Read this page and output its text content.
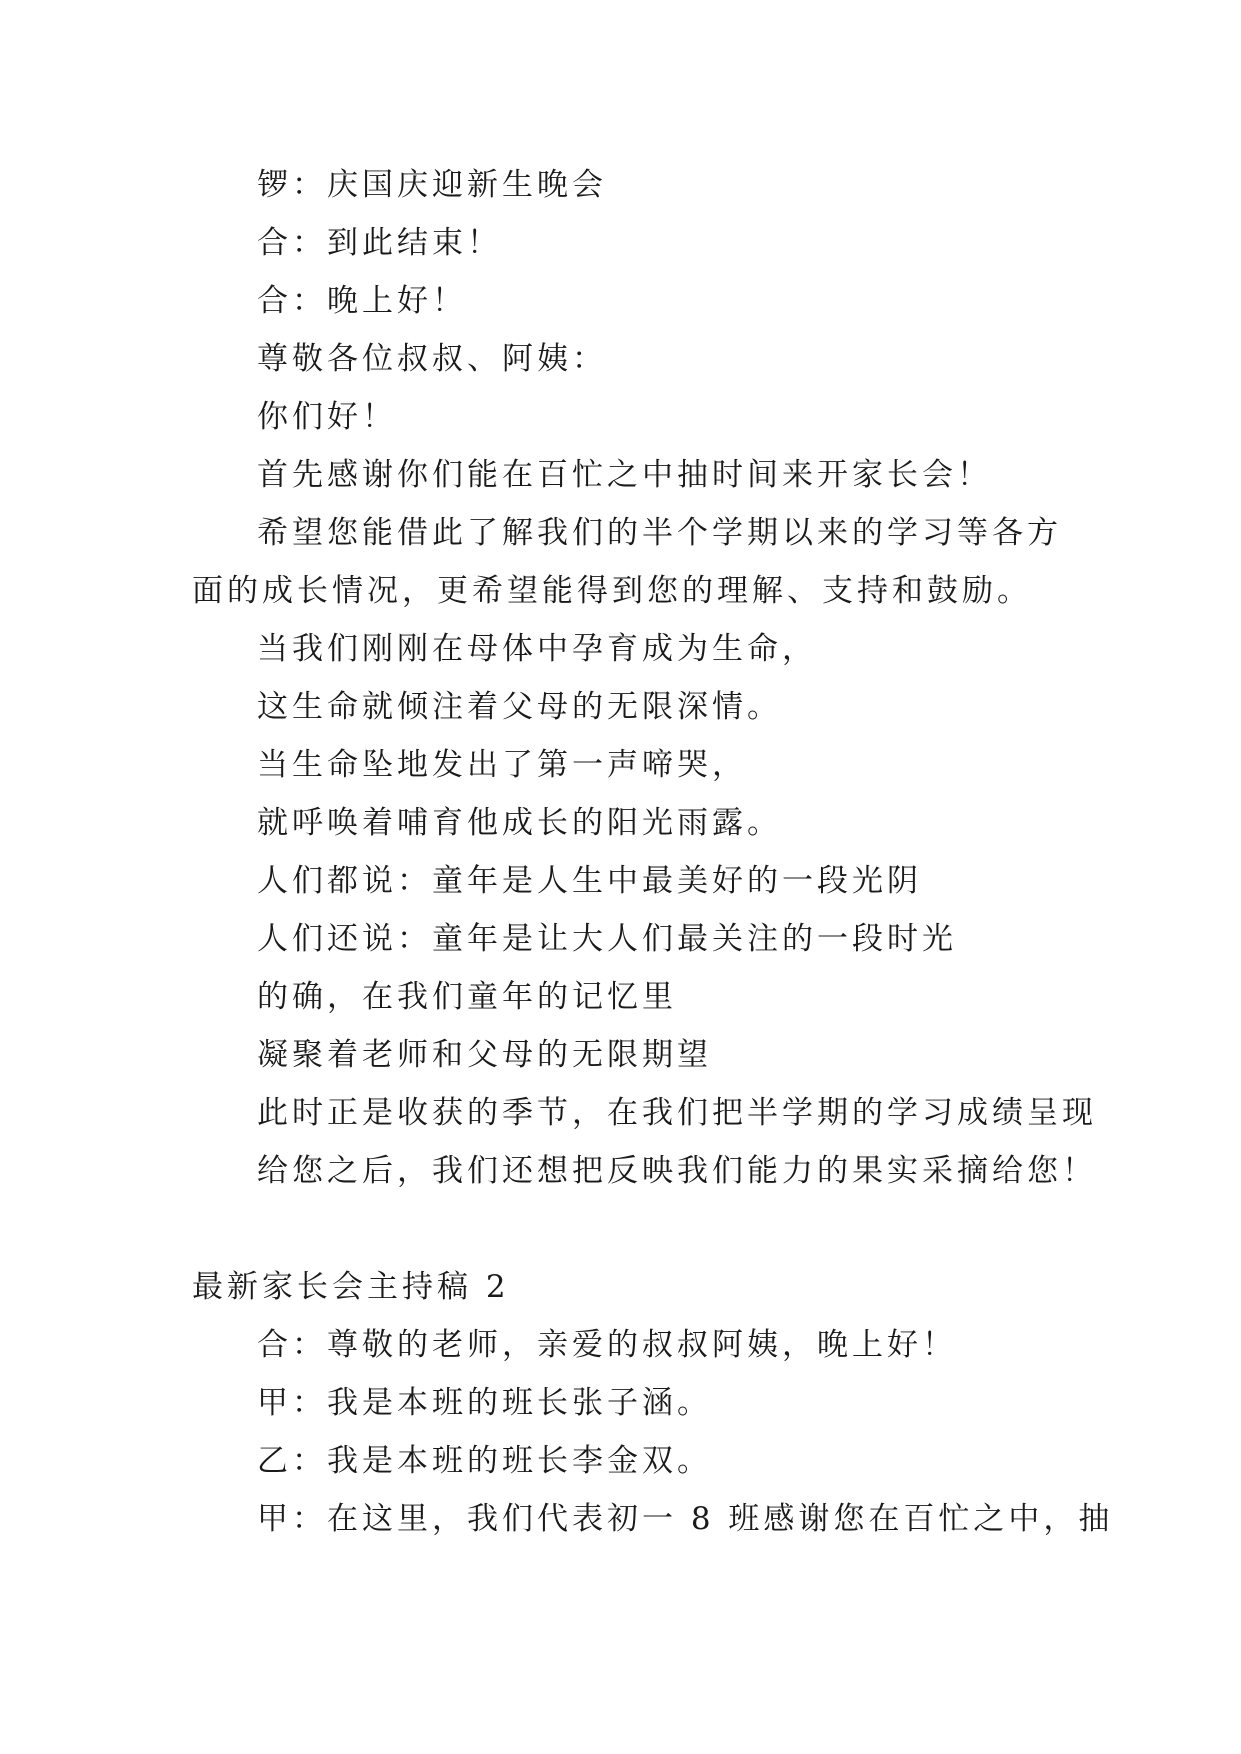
锣：庆国庆迎新生晚会
合：到此结束！
合：晚上好！
尊敬各位叔叔、阿姨：
你们好！
首先感谢你们能在百忙之中抽时间来开家长会！
希望您能借此了解我们的半个学期以来的学习等各方
面的成长情况，更希望能得到您的理解、支持和鼓励。
当我们刚刚在母体中孕育成为生命，
这生命就倾注着父母的无限深情。
当生命坠地发出了第一声啼哭，
就呼唤着哺育他成长的阳光雨露。
人们都说：童年是人生中最美好的一段光阴
人们还说：童年是让大人们最关注的一段时光
的确，在我们童年的记忆里
凝聚着老师和父母的无限期望
此时正是收获的季节，在我们把半学期的学习成绩呈现
给您之后，我们还想把反映我们能力的果实采摘给您！
最新家长会主持稿 2
合：尊敬的老师，亲爱的叔叔阿姨，晚上好！
甲：我是本班的班长张子涵。
乙：我是本班的班长李金双。
甲：在这里，我们代表初一 8 班感谢您在百忙之中，抽
